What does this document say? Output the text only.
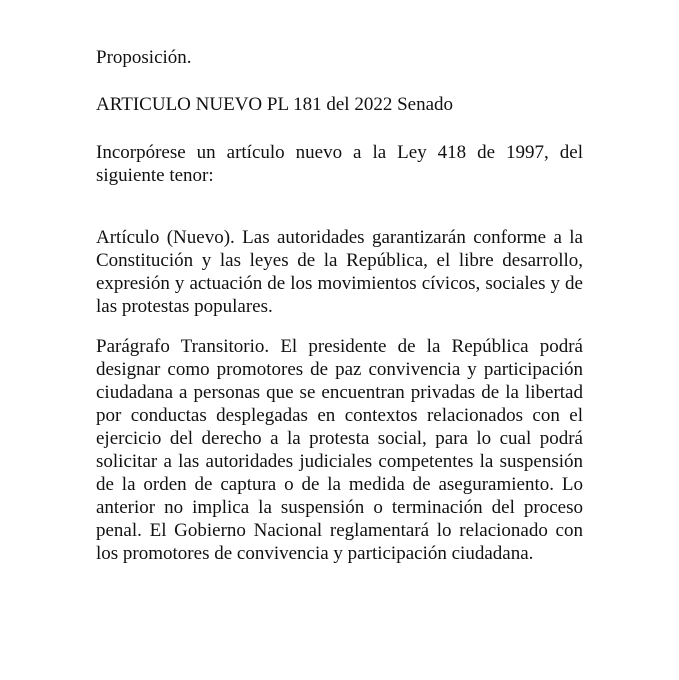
Proposición.
ARTICULO NUEVO PL 181 del 2022 Senado
Incorpórese un artículo nuevo a la Ley 418 de 1997, del siguiente tenor:
Artículo (Nuevo). Las autoridades garantizarán conforme a la Constitución y las leyes de la República, el libre desarrollo, expresión y actuación de los movimientos cívicos, sociales y de las protestas populares.
Parágrafo Transitorio. El presidente de la República podrá designar como promotores de paz convivencia y participación ciudadana a personas que se encuentran privadas de la libertad por conductas desplegadas en contextos relacionados con el ejercicio del derecho a la protesta social, para lo cual podrá solicitar a las autoridades judiciales competentes la suspensión de la orden de captura o de la medida de aseguramiento. Lo anterior no implica la suspensión o terminación del proceso penal. El Gobierno Nacional reglamentará lo relacionado con los promotores de convivencia y participación ciudadana.
